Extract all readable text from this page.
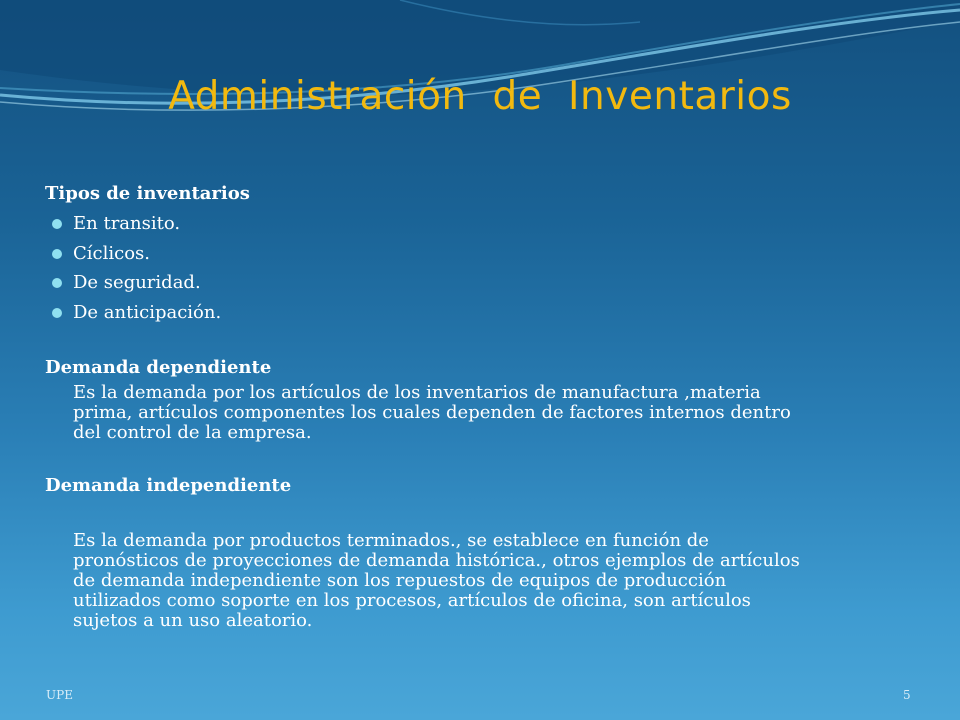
Administración  de  Inventarios

Tipos de inventarios

En transito.
Cíclicos.
De seguridad.
De anticipación.

Demanda dependiente

Es la demanda por los artículos de los inventarios de manufactura ,materia
prima, artículos componentes los cuales dependen de factores internos dentro
del control de la empresa.

Demanda independiente

Es la demanda por productos terminados., se establece en función de
pronósticos de proyecciones de demanda histórica., otros ejemplos de artículos
de demanda independiente son los repuestos de equipos de producción
utilizados como soporte en los procesos, artículos de oficina, son artículos
sujetos a un uso aleatorio.

UPE	5
